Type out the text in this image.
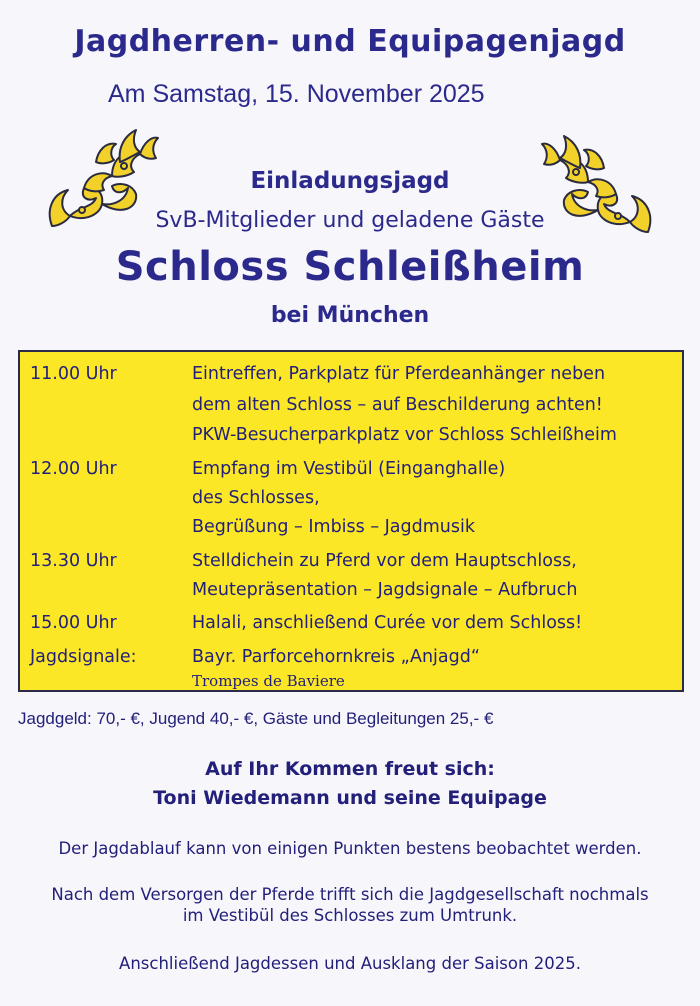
Jagdherren- und Equipagenjagd
Am Samstag, 15. November 2025
Einladungsjagd
SvB-Mitglieder und geladene Gäste
Schloss Schleißheim
bei München
11.00 Uhr	Eintreffen, Parkplatz für Pferdeanhänger neben
dem alten Schloss – auf Beschilderung achten!
PKW-Besucherparkplatz vor Schloss Schleißheim
12.00 Uhr	Empfang im Vestibül (Einganghalle)
des Schlosses,
Begrüßung – Imbiss – Jagdmusik
13.30 Uhr	Stelldichein zu Pferd vor dem Hauptschloss,
Meutepräsentation – Jagdsignale – Aufbruch
15.00 Uhr	Halali, anschließend Curée vor dem Schloss!
Jagdsignale:	Bayr. Parforcehornkreis „Anjagd“
Trompes de Baviere
Jagdgeld: 70,- €, Jugend 40,- €, Gäste und Begleitungen 25,- €
Auf Ihr Kommen freut sich:
Toni Wiedemann und seine Equipage
Der Jagdablauf kann von einigen Punkten bestens beobachtet werden.
Nach dem Versorgen der Pferde trifft sich die Jagdgesellschaft nochmals
im Vestibül des Schlosses zum Umtrunk.
Anschließend Jagdessen und Ausklang der Saison 2025.
